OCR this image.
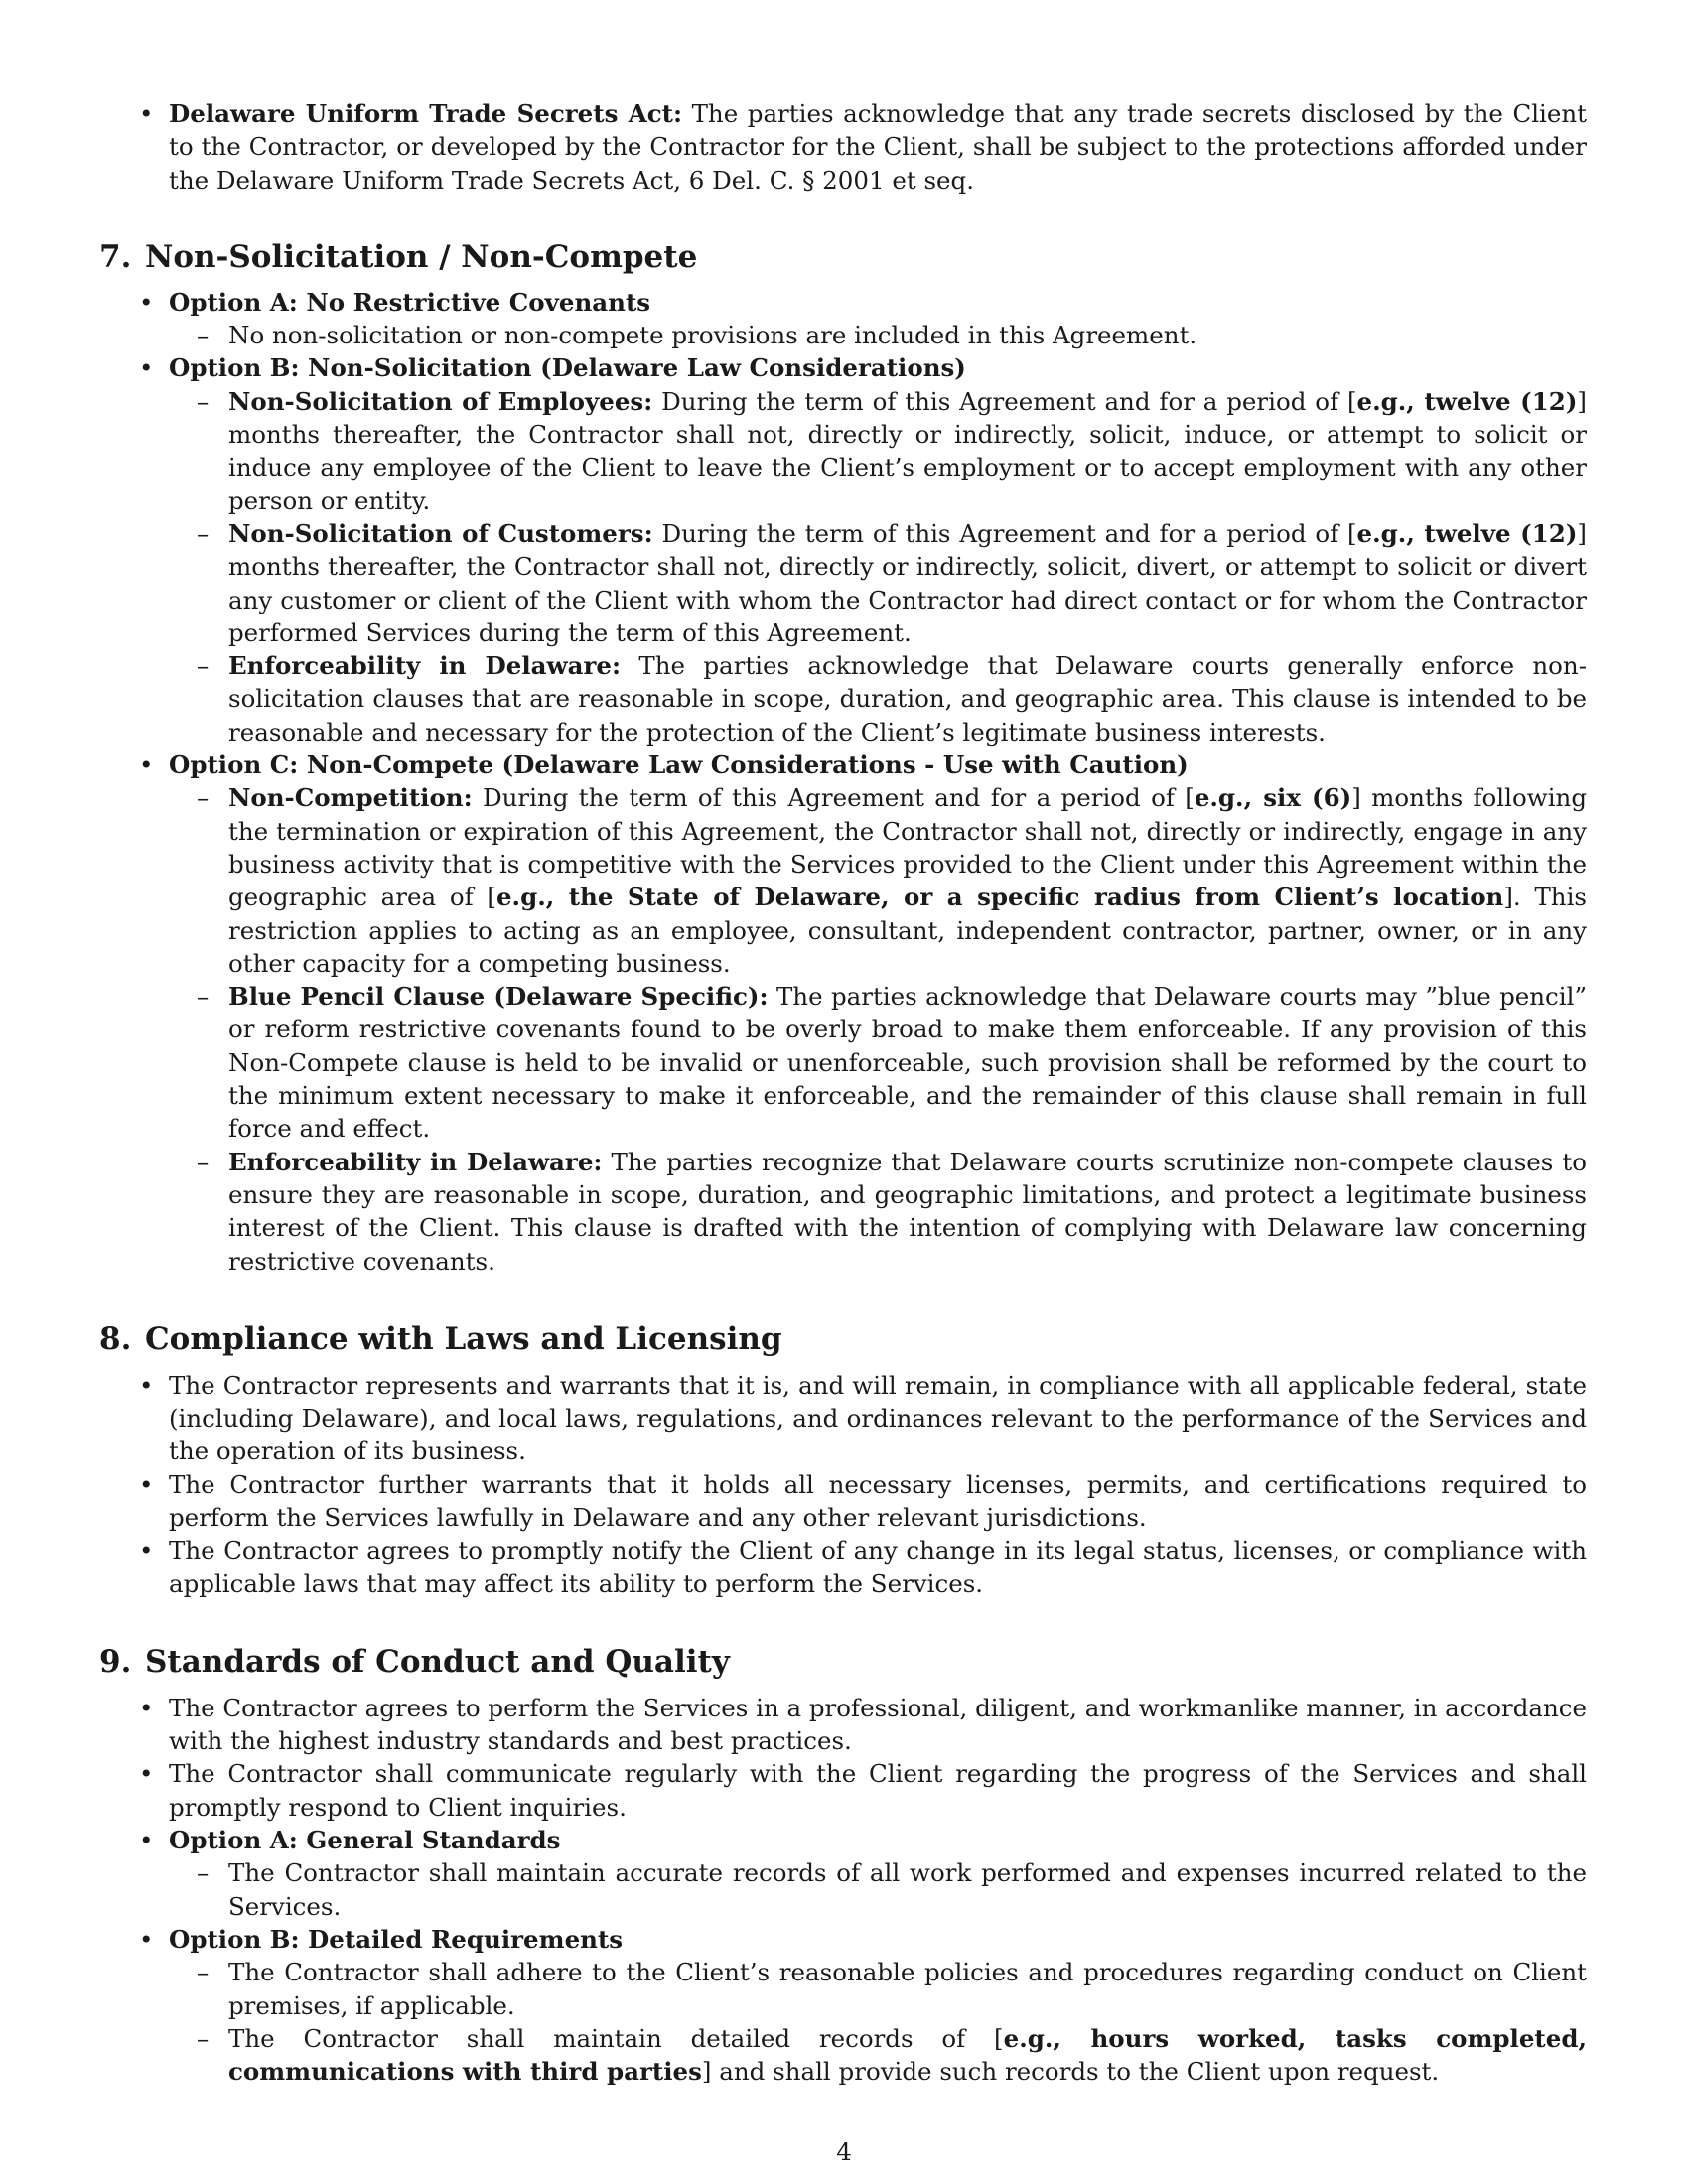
• Delaware Uniform Trade Secrets Act: The parties acknowledge that any trade secrets disclosed by the Client to the Contractor, or developed by the Contractor for the Client, shall be subject to the protections afforded under the Delaware Uniform Trade Secrets Act, 6 Del. C. § 2001 et seq.
7. Non-Solicitation / Non-Compete
• Option A: No Restrictive Covenants
– No non-solicitation or non-compete provisions are included in this Agreement.
• Option B: Non-Solicitation (Delaware Law Considerations)
– Non-Solicitation of Employees: During the term of this Agreement and for a period of [e.g., twelve (12)] months thereafter, the Contractor shall not, directly or indirectly, solicit, induce, or attempt to solicit or induce any employee of the Client to leave the Client’s employment or to accept employment with any other person or entity.
– Non-Solicitation of Customers: During the term of this Agreement and for a period of [e.g., twelve (12)] months thereafter, the Contractor shall not, directly or indirectly, solicit, divert, or attempt to solicit or divert any customer or client of the Client with whom the Contractor had direct contact or for whom the Contractor performed Services during the term of this Agreement.
– Enforceability in Delaware: The parties acknowledge that Delaware courts generally enforce non-solicitation clauses that are reasonable in scope, duration, and geographic area. This clause is intended to be reasonable and necessary for the protection of the Client’s legitimate business interests.
• Option C: Non-Compete (Delaware Law Considerations - Use with Caution)
– Non-Competition: During the term of this Agreement and for a period of [e.g., six (6)] months following the termination or expiration of this Agreement, the Contractor shall not, directly or indirectly, engage in any business activity that is competitive with the Services provided to the Client under this Agreement within the geographic area of [e.g., the State of Delaware, or a specific radius from Client’s location]. This restriction applies to acting as an employee, consultant, independent contractor, partner, owner, or in any other capacity for a competing business.
– Blue Pencil Clause (Delaware Specific): The parties acknowledge that Delaware courts may ”blue pencil” or reform restrictive covenants found to be overly broad to make them enforceable. If any provision of this Non-Compete clause is held to be invalid or unenforceable, such provision shall be reformed by the court to the minimum extent necessary to make it enforceable, and the remainder of this clause shall remain in full force and effect.
– Enforceability in Delaware: The parties recognize that Delaware courts scrutinize non-compete clauses to ensure they are reasonable in scope, duration, and geographic limitations, and protect a legitimate business interest of the Client. This clause is drafted with the intention of complying with Delaware law concerning restrictive covenants.
8. Compliance with Laws and Licensing
• The Contractor represents and warrants that it is, and will remain, in compliance with all applicable federal, state (including Delaware), and local laws, regulations, and ordinances relevant to the performance of the Services and the operation of its business.
• The Contractor further warrants that it holds all necessary licenses, permits, and certifications required to perform the Services lawfully in Delaware and any other relevant jurisdictions.
• The Contractor agrees to promptly notify the Client of any change in its legal status, licenses, or compliance with applicable laws that may affect its ability to perform the Services.
9. Standards of Conduct and Quality
• The Contractor agrees to perform the Services in a professional, diligent, and workmanlike manner, in accordance with the highest industry standards and best practices.
• The Contractor shall communicate regularly with the Client regarding the progress of the Services and shall promptly respond to Client inquiries.
• Option A: General Standards
– The Contractor shall maintain accurate records of all work performed and expenses incurred related to the Services.
• Option B: Detailed Requirements
– The Contractor shall adhere to the Client’s reasonable policies and procedures regarding conduct on Client premises, if applicable.
– The Contractor shall maintain detailed records of [e.g., hours worked, tasks completed, communications with third parties] and shall provide such records to the Client upon request.
4
